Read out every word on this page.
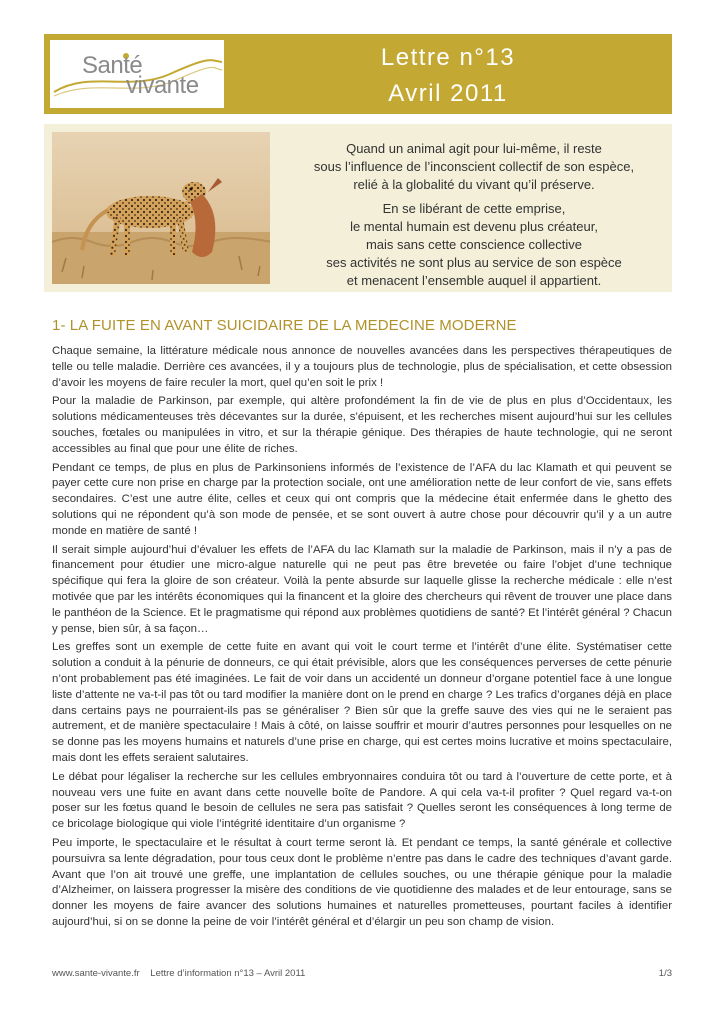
Santé
vivante
Lettre n°13
Avril 2011

Quand un animal agit pour lui-même, il reste
sous l’influence de l’inconscient collectif de son espèce,
relié à la globalité du vivant qu’il préserve.

En se libérant de cette emprise,
le mental humain est devenu plus créateur,
mais sans cette conscience collective
ses activités ne sont plus au service de son espèce
et menacent l’ensemble auquel il appartient.

1- LA FUITE EN AVANT SUICIDAIRE DE LA MEDECINE MODERNE

Chaque semaine, la littérature médicale nous annonce de nouvelles avancées dans les perspectives thérapeutiques de telle ou telle maladie. Derrière ces avancées, il y a toujours plus de technologie, plus de spécialisation, et cette obsession d’avoir les moyens de faire reculer la mort, quel qu’en soit le prix !

Pour la maladie de Parkinson, par exemple, qui altère profondément la fin de vie de plus en plus d’Occidentaux, les solutions médicamenteuses très décevantes sur la durée, s’épuisent, et les recherches misent aujourd’hui sur les cellules souches, fœtales ou manipulées in vitro, et sur la thérapie génique. Des thérapies de haute technologie, qui ne seront accessibles au final que pour une élite de riches.

Pendant ce temps, de plus en plus de Parkinsoniens informés de l’existence de l’AFA du lac Klamath et qui peuvent se payer cette cure non prise en charge par la protection sociale, ont une amélioration nette de leur confort de vie, sans effets secondaires. C’est une autre élite, celles et ceux qui ont compris que la médecine était enfermée dans le ghetto des solutions qui ne répondent qu’à son mode de pensée, et se sont ouvert à autre chose pour découvrir qu’il y a un autre monde en matière de santé !

Il serait simple aujourd’hui d’évaluer les effets de l’AFA du lac Klamath sur la maladie de Parkinson, mais il n’y a pas de financement pour étudier une micro-algue naturelle qui ne peut pas être brevetée ou faire l’objet d’une technique spécifique qui fera la gloire de son créateur. Voilà la pente absurde sur laquelle glisse la recherche médicale : elle n’est motivée que par les intérêts économiques qui la financent et la gloire des chercheurs qui rêvent de trouver une place dans le panthéon de la Science. Et le pragmatisme qui répond aux problèmes quotidiens de santé? Et l’intérêt général ? Chacun y pense, bien sûr, à sa façon…

Les greffes sont un exemple de cette fuite en avant qui voit le court terme et l’intérêt d’une élite. Systématiser cette solution a conduit à la pénurie de donneurs, ce qui était prévisible, alors que les conséquences perverses de cette pénurie n’ont probablement pas été imaginées. Le fait de voir dans un accidenté un donneur d’organe potentiel face à une longue liste d’attente ne va-t-il pas tôt ou tard modifier la manière dont on le prend en charge ? Les trafics d’organes déjà en place dans certains pays ne pourraient-ils pas se généraliser ? Bien sûr que la greffe sauve des vies qui ne le seraient pas autrement, et de manière spectaculaire ! Mais à côté, on laisse souffrir et mourir d’autres personnes pour lesquelles on ne se donne pas les moyens humains et naturels d’une prise en charge, qui est certes moins lucrative et moins spectaculaire, mais dont les effets seraient salutaires.

Le débat pour légaliser la recherche sur les cellules embryonnaires conduira tôt ou tard à l’ouverture de cette porte, et à nouveau vers une fuite en avant dans cette nouvelle boîte de Pandore. A qui cela va-t-il profiter ? Quel regard va-t-on poser sur les fœtus quand le besoin de cellules ne sera pas satisfait ? Quelles seront les conséquences à long terme de ce bricolage biologique qui viole l’intégrité identitaire d’un organisme ?

Peu importe, le spectaculaire et le résultat à court terme seront là. Et pendant ce temps, la santé générale et collective poursuivra sa lente dégradation, pour tous ceux dont le problème n’entre pas dans le cadre des techniques d’avant garde. Avant que l’on ait trouvé une greffe, une implantation de cellules souches, ou une thérapie génique pour la maladie d’Alzheimer, on laissera progresser la misère des conditions de vie quotidienne des malades et de leur entourage, sans se donner les moyens de faire avancer des solutions humaines et naturelles prometteuses, pourtant faciles à identifier aujourd’hui, si on se donne la peine de voir l’intérêt général et d’élargir un peu son champ de vision.

www.sante-vivante.fr Lettre d’information n°13 – Avril 2011	1/3
